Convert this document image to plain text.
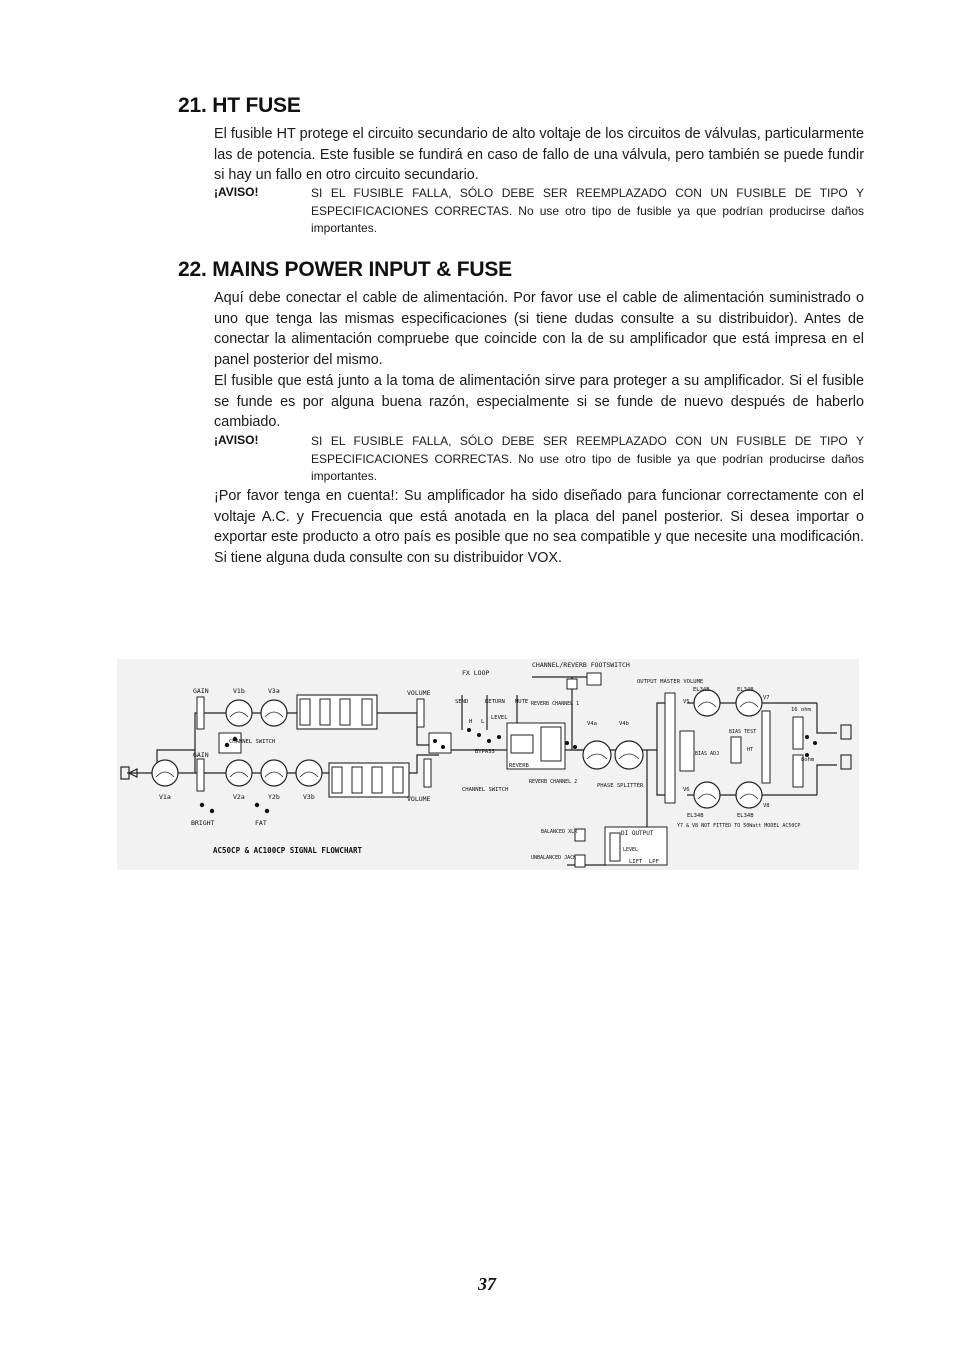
21. HT FUSE

El fusible HT protege el circuito secundario de alto voltaje de los circuitos de válvulas, particularmente las de potencia. Este fusible se fundirá en caso de fallo de una válvula, pero también se puede fundir si hay un fallo en otro circuito secundario.

¡AVISO!	SI EL FUSIBLE FALLA, SÓLO DEBE SER REEMPLAZADO CON UN FUSIBLE DE TIPO Y ESPECIFICACIONES CORRECTAS. No use otro tipo de fusible ya que podrían producirse daños importantes.

22. MAINS POWER INPUT & FUSE

Aquí debe conectar el cable de alimentación. Por favor use el cable de alimentación suministrado o uno que tenga las mismas especificaciones (si tiene dudas consulte a su distribuidor). Antes de conectar la alimentación compruebe que coincide con la de su amplificador que está impresa en el panel posterior del mismo.

El fusible que está junto a la toma de alimentación sirve para proteger a su amplificador. Si el fusible se funde es por alguna buena razón, especialmente si se funde de nuevo después de haberlo cambiado.

¡AVISO!	SI EL FUSIBLE FALLA, SÓLO DEBE SER REEMPLAZADO CON UN FUSIBLE DE TIPO Y ESPECIFICACIONES CORRECTAS. No use otro tipo de fusible ya que podrían producirse daños importantes.

¡Por favor tenga en cuenta!: Su amplificador ha sido diseñado para funcionar correctamente con el voltaje A.C. y Frecuencia que está anotada en la placa del panel posterior. Si desea importar o exportar este producto a otro país es posible que no sea compatible y que necesite una modificación. Si tiene alguna duda consulte con su distribuidor VOX.

GAIN
GAIN
V1b	V3a
V1a	V2a	Y2b	V3b
VOLUME
VOLUME
CHANNEL SWITCH
CHANNEL SWITCH
BRIGHT	FAT
FX LOOP
SEND	RETURN MUTE
LEVEL
H L
BYPASS
REVERB CHANNEL 1
REVERB
REVERB CHANNEL 2
CHANNEL/REVERB FOOTSWITCH
V4a	V4b
PHASE SPLITTER
OUTPUT MASTER VOLUME
EL34B	EL34B
EL34B	EL34B
V5
V6
V7
V8
BIAS ADJ
BIAS TEST
HT
16 ohm
8ohm
Y7 & V8 NOT FITTED TO 50Watt MODEL AC50CP
DI OUTPUT
LEVEL
LIFT LPF
BALANCED XLR
UNBALANCED JACK
AC50CP & AC100CP SIGNAL FLOWCHART
37
